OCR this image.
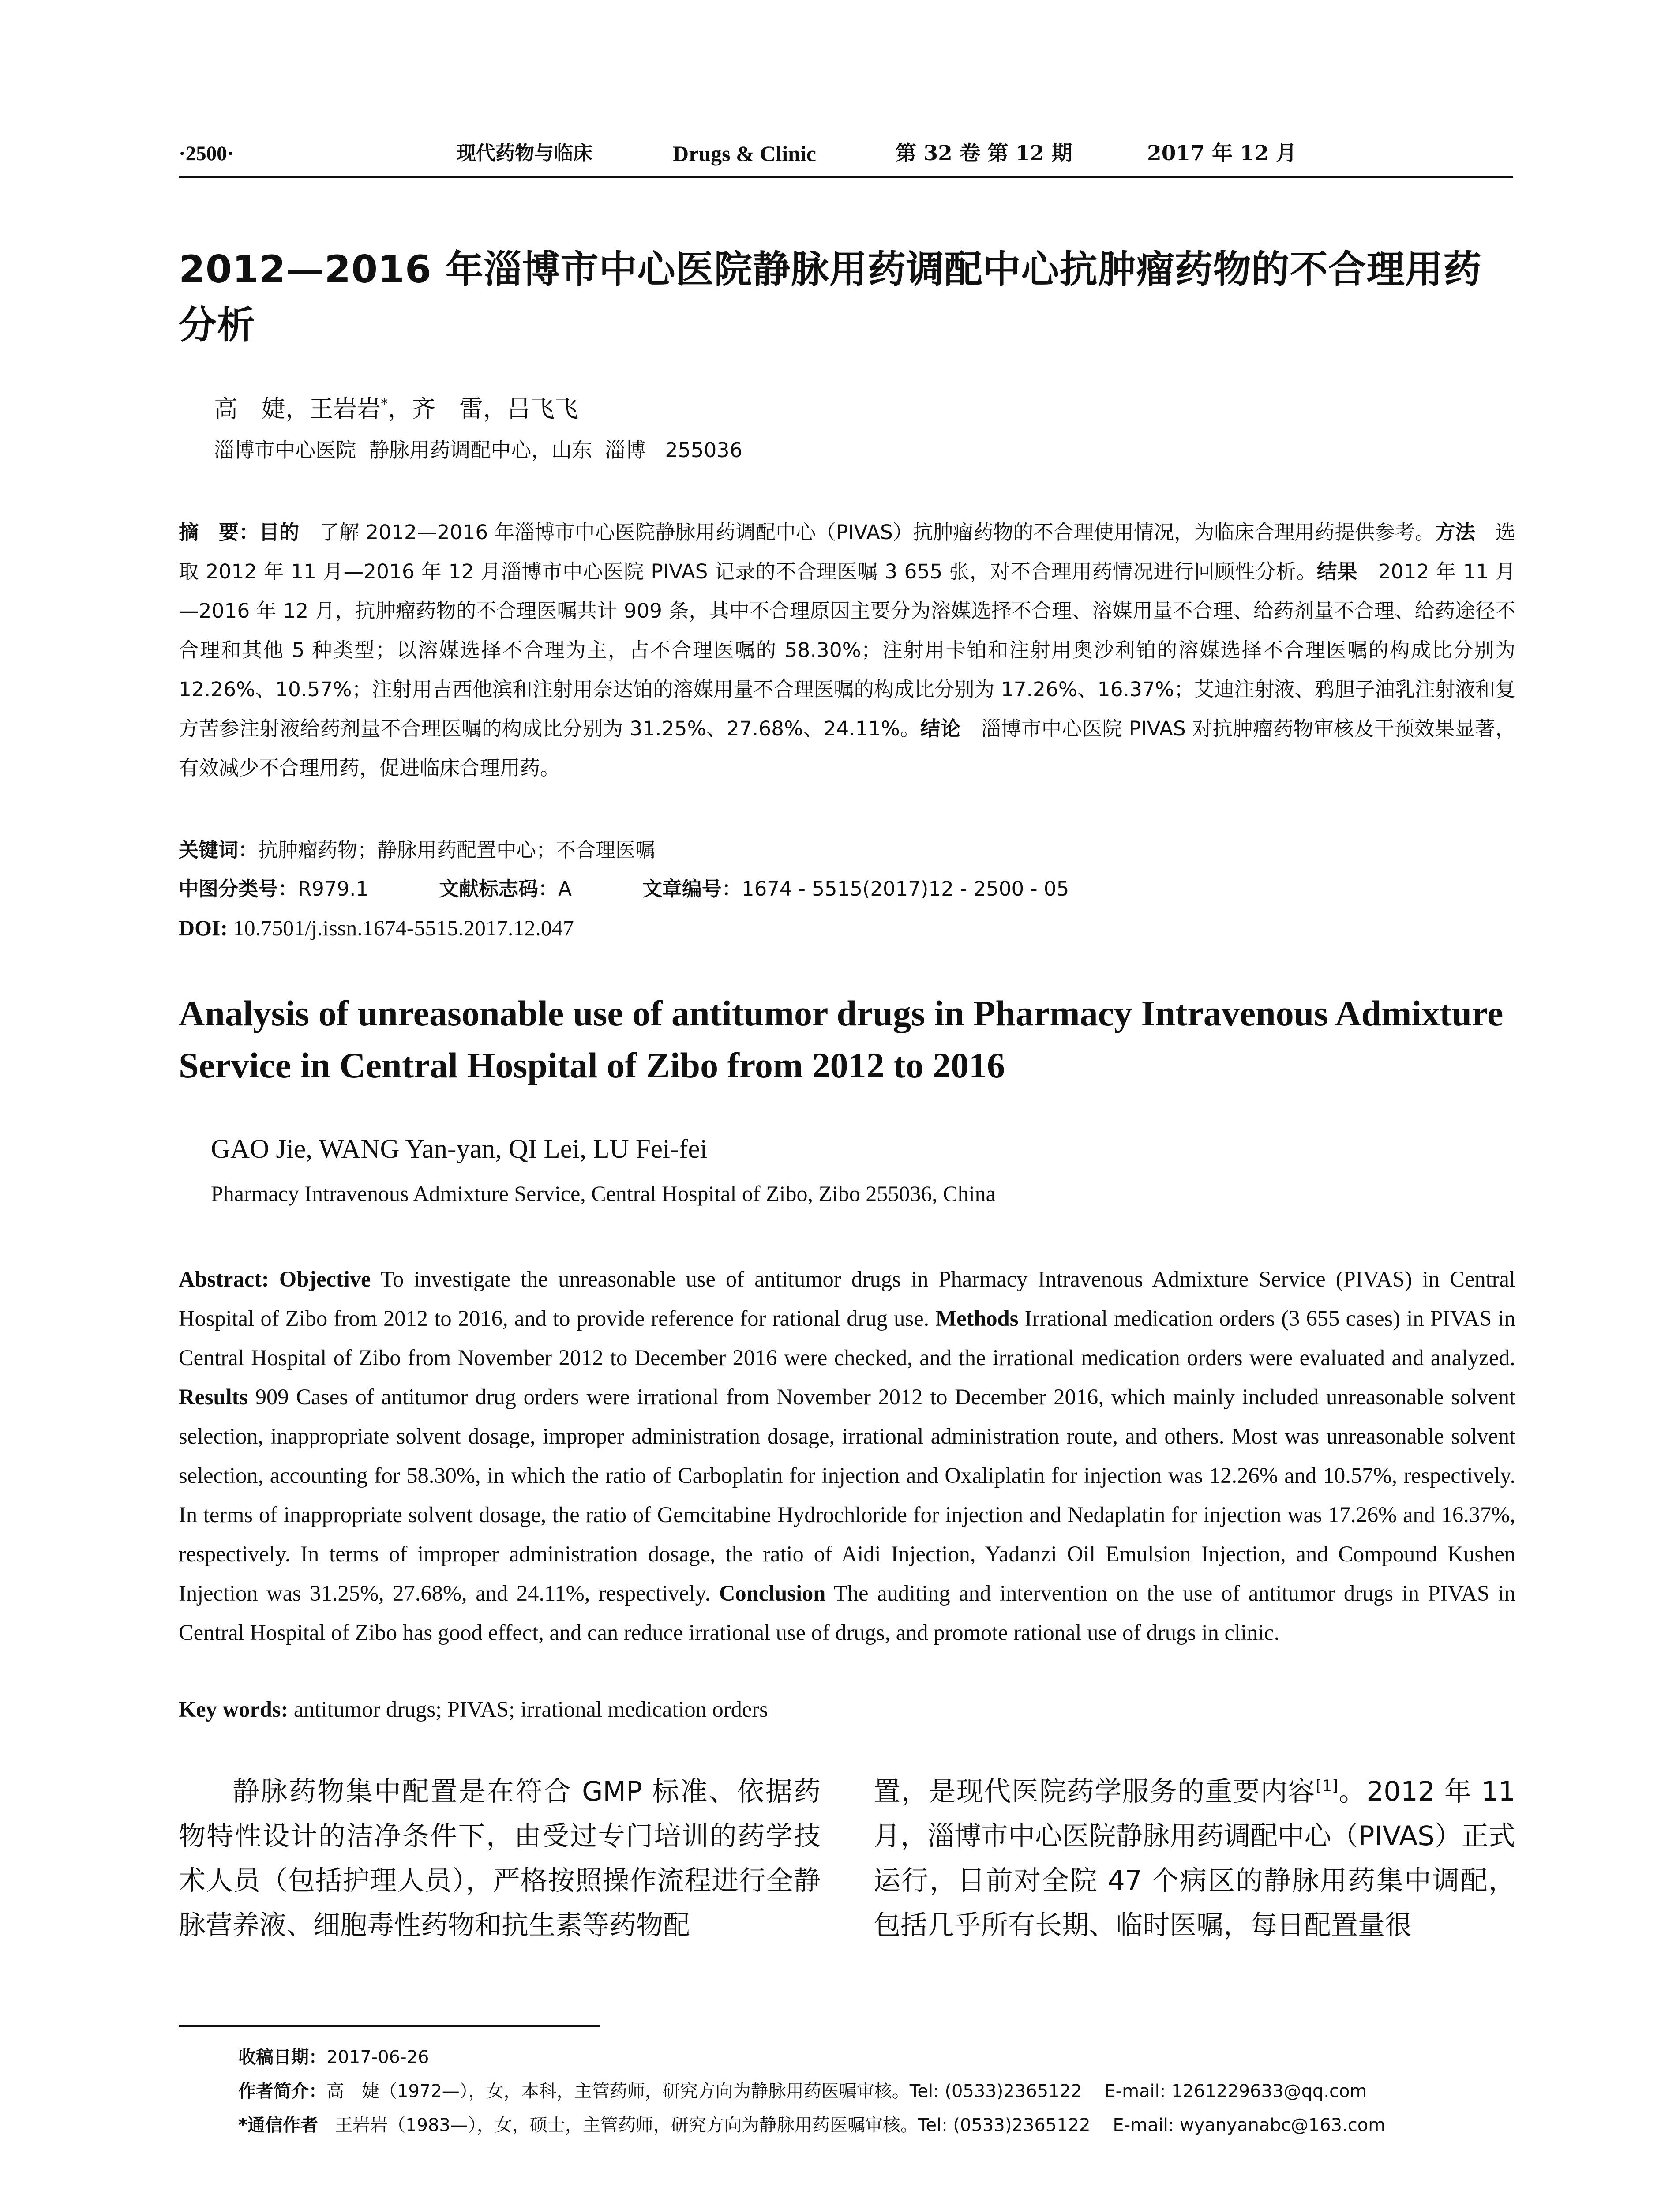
·2500·	现代药物与临床	Drugs & Clinic	第 32 卷 第 12 期	2017 年 12 月
2012—2016 年淄博市中心医院静脉用药调配中心抗肿瘤药物的不合理用药分析
高　婕，王岩岩*，齐　雷，吕飞飞
淄博市中心医院  静脉用药调配中心，山东  淄博   255036
摘　要：目的　了解 2012—2016 年淄博市中心医院静脉用药调配中心（PIVAS）抗肿瘤药物的不合理使用情况，为临床合理用药提供参考。方法　选取 2012 年 11 月—2016 年 12 月淄博市中心医院 PIVAS 记录的不合理医嘱 3 655 张，对不合理用药情况进行回顾性分析。结果　2012 年 11 月—2016 年 12 月，抗肿瘤药物的不合理医嘱共计 909 条，其中不合理原因主要分为溶媒选择不合理、溶媒用量不合理、给药剂量不合理、给药途径不合理和其他 5 种类型；以溶媒选择不合理为主，占不合理医嘱的 58.30%；注射用卡铂和注射用奥沙利铂的溶媒选择不合理医嘱的构成比分别为 12.26%、10.57%；注射用吉西他滨和注射用奈达铂的溶媒用量不合理医嘱的构成比分别为 17.26%、16.37%；艾迪注射液、鸦胆子油乳注射液和复方苦参注射液给药剂量不合理医嘱的构成比分别为 31.25%、27.68%、24.11%。结论　淄博市中心医院 PIVAS 对抗肿瘤药物审核及干预效果显著，有效减少不合理用药，促进临床合理用药。
关键词：抗肿瘤药物；静脉用药配置中心；不合理医嘱
中图分类号：R979.1	文献标志码：A	文章编号：1674 - 5515(2017)12 - 2500 - 05
DOI: 10.7501/j.issn.1674-5515.2017.12.047
Analysis of unreasonable use of antitumor drugs in Pharmacy Intravenous Admixture Service in Central Hospital of Zibo from 2012 to 2016
GAO Jie, WANG Yan-yan, QI Lei, LU Fei-fei
Pharmacy Intravenous Admixture Service, Central Hospital of Zibo, Zibo 255036, China
Abstract: Objective To investigate the unreasonable use of antitumor drugs in Pharmacy Intravenous Admixture Service (PIVAS) in Central Hospital of Zibo from 2012 to 2016, and to provide reference for rational drug use. Methods Irrational medication orders (3 655 cases) in PIVAS in Central Hospital of Zibo from November 2012 to December 2016 were checked, and the irrational medication orders were evaluated and analyzed. Results 909 Cases of antitumor drug orders were irrational from November 2012 to December 2016, which mainly included unreasonable solvent selection, inappropriate solvent dosage, improper administration dosage, irrational administration route, and others. Most was unreasonable solvent selection, accounting for 58.30%, in which the ratio of Carboplatin for injection and Oxaliplatin for injection was 12.26% and 10.57%, respectively. In terms of inappropriate solvent dosage, the ratio of Gemcitabine Hydrochloride for injection and Nedaplatin for injection was 17.26% and 16.37%, respectively. In terms of improper administration dosage, the ratio of Aidi Injection, Yadanzi Oil Emulsion Injection, and Compound Kushen Injection was 31.25%, 27.68%, and 24.11%, respectively. Conclusion The auditing and intervention on the use of antitumor drugs in PIVAS in Central Hospital of Zibo has good effect, and can reduce irrational use of drugs, and promote rational use of drugs in clinic.
Key words: antitumor drugs; PIVAS; irrational medication orders
静脉药物集中配置是在符合 GMP 标准、依据药物特性设计的洁净条件下，由受过专门培训的药学技术人员（包括护理人员），严格按照操作流程进行全静脉营养液、细胞毒性药物和抗生素等药物配
置，是现代医院药学服务的重要内容[1]。2012 年 11 月，淄博市中心医院静脉用药调配中心（PIVAS）正式运行，目前对全院 47 个病区的静脉用药集中调配，包括几乎所有长期、临时医嘱，每日配置量很
收稿日期：2017-06-26
作者简介：高　婕（1972—），女，本科，主管药师，研究方向为静脉用药医嘱审核。Tel: (0533)2365122    E-mail: 1261229633@qq.com
*通信作者   王岩岩（1983—），女，硕士，主管药师，研究方向为静脉用药医嘱审核。Tel: (0533)2365122    E-mail: wyanyanabc@163.com
